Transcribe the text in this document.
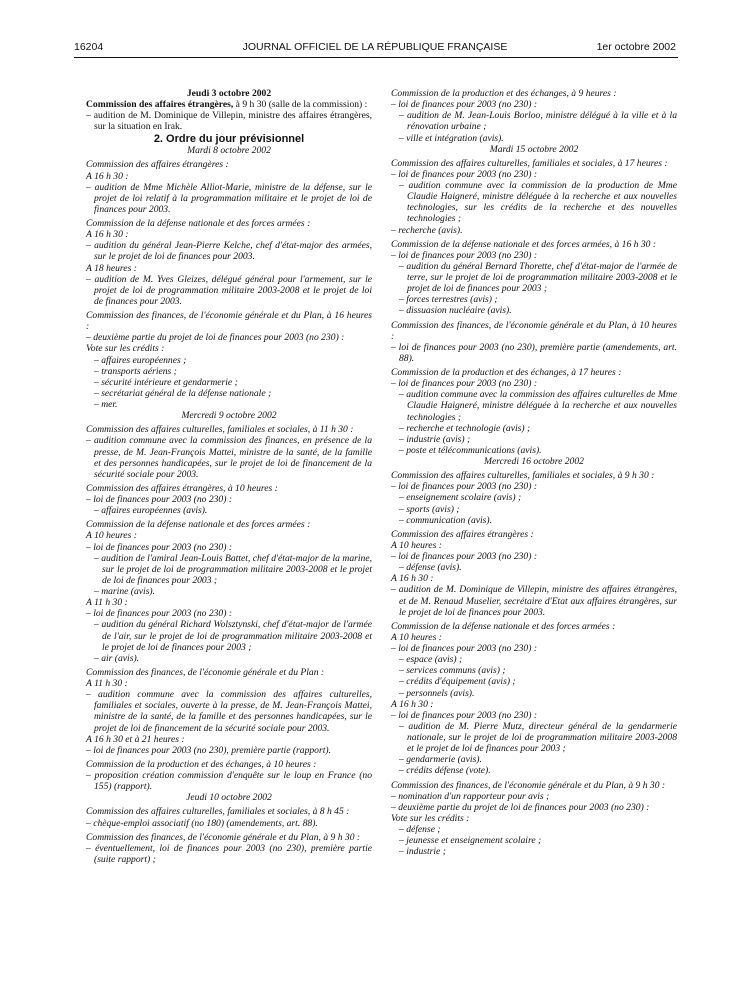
16204	JOURNAL OFFICIEL DE LA RÉPUBLIQUE FRANÇAISE	1er octobre 2002

Jeudi 3 octobre 2002

Commission des affaires étrangères, à 9 h 30 (salle de la commission) :

– audition de M. Dominique de Villepin, ministre des affaires étrangères, sur la situation en Irak.

2. Ordre du jour prévisionnel

Mardi 8 octobre 2002

Commission des affaires étrangères :

A 16 h 30 :

– audition de Mme Michèle Alliot-Marie, ministre de la défense, sur le projet de loi relatif à la programmation militaire et le projet de loi de finances pour 2003.

Commission de la défense nationale et des forces armées :

A 16 h 30 :

– audition du général Jean-Pierre Kelche, chef d'état-major des armées, sur le projet de loi de finances pour 2003.

A 18 heures :

– audition de M. Yves Gleizes, délégué général pour l'armement, sur le projet de loi de programmation militaire 2003-2008 et le projet de loi de finances pour 2003.

Commission des finances, de l'économie générale et du Plan, à 16 heures :

– deuxième partie du projet de loi de finances pour 2003 (no 230) :

Vote sur les crédits :

– affaires européennes ;

– transports aériens ;

– sécurité intérieure et gendarmerie ;

– secrétariat général de la défense nationale ;

– mer.

Mercredi 9 octobre 2002

Commission des affaires culturelles, familiales et sociales, à 11 h 30 :

– audition commune avec la commission des finances, en présence de la presse, de M. Jean-François Mattei, ministre de la santé, de la famille et des personnes handicapées, sur le projet de loi de financement de la sécurité sociale pour 2003.

Commission des affaires étrangères, à 10 heures :

– loi de finances pour 2003 (no 230) :

– affaires européennes (avis).

Commission de la défense nationale et des forces armées :

A 10 heures :

– loi de finances pour 2003 (no 230) :

– audition de l'amiral Jean-Louis Battet, chef d'état-major de la marine, sur le projet de loi de programmation militaire 2003-2008 et le projet de loi de finances pour 2003 ;

– marine (avis).

A 11 h 30 :

– loi de finances pour 2003 (no 230) :

– audition du général Richard Wolsztynski, chef d'état-major de l'armée de l'air, sur le projet de loi de programmation militaire 2003-2008 et le projet de loi de finances pour 2003 ;

– air (avis).

Commission des finances, de l'économie générale et du Plan :

A 11 h 30 :

– audition commune avec la commission des affaires culturelles, familiales et sociales, ouverte à la presse, de M. Jean-François Mattei, ministre de la santé, de la famille et des personnes handicapées, sur le projet de loi de financement de la sécurité sociale pour 2003.

A 16 h 30 et à 21 heures :

– loi de finances pour 2003 (no 230), première partie (rapport).

Commission de la production et des échanges, à 10 heures :

– proposition création commission d'enquête sur le loup en France (no 155) (rapport).

Jeudi 10 octobre 2002

Commission des affaires culturelles, familiales et sociales, à 8 h 45 :

– chèque-emploi associatif (no 180) (amendements, art. 88).

Commission des finances, de l'économie générale et du Plan, à 9 h 30 :

– éventuellement, loi de finances pour 2003 (no 230), première partie (suite rapport) ;

Commission de la production et des échanges, à 9 heures :

– loi de finances pour 2003 (no 230) :

– audition de M. Jean-Louis Borloo, ministre délégué à la ville et à la rénovation urbaine ;

– ville et intégration (avis).

Mardi 15 octobre 2002

Commission des affaires culturelles, familiales et sociales, à 17 heures :

– loi de finances pour 2003 (no 230) :

– audition commune avec la commission de la production de Mme Claudie Haigneré, ministre déléguée à la recherche et aux nouvelles technologies, sur les crédits de la recherche et des nouvelles technologies ;

– recherche (avis).

Commission de la défense nationale et des forces armées, à 16 h 30 :

– loi de finances pour 2003 (no 230) :

– audition du général Bernard Thorette, chef d'état-major de l'armée de terre, sur le projet de loi de programmation militaire 2003-2008 et le projet de loi de finances pour 2003 ;

– forces terrestres (avis) ;

– dissuasion nucléaire (avis).

Commission des finances, de l'économie générale et du Plan, à 10 heures :

– loi de finances pour 2003 (no 230), première partie (amendements, art. 88).

Commission de la production et des échanges, à 17 heures :

– loi de finances pour 2003 (no 230) :

– audition commune avec la commission des affaires culturelles de Mme Claudie Haigneré, ministre déléguée à la recherche et aux nouvelles technologies ;

– recherche et technologie (avis) ;

– industrie (avis) ;

– poste et télécommunications (avis).

Mercredi 16 octobre 2002

Commission des affaires culturelles, familiales et sociales, à 9 h 30 :

– loi de finances pour 2003 (no 230) :

– enseignement scolaire (avis) ;

– sports (avis) ;

– communication (avis).

Commission des affaires étrangères :

A 10 heures :

– loi de finances pour 2003 (no 230) :

– défense (avis).

A 16 h 30 :

– audition de M. Dominique de Villepin, ministre des affaires étrangères, et de M. Renaud Muselier, secrétaire d'Etat aux affaires étrangères, sur le projet de loi de finances pour 2003.

Commission de la défense nationale et des forces armées :

A 10 heures :

– loi de finances pour 2003 (no 230) :

– espace (avis) ;

– services communs (avis) ;

– crédits d'équipement (avis) ;

– personnels (avis).

A 16 h 30 :

– loi de finances pour 2003 (no 230) :

– audition de M. Pierre Mutz, directeur général de la gendarmerie nationale, sur le projet de loi de programmation militaire 2003-2008 et le projet de loi de finances pour 2003 ;

– gendarmerie (avis).

– crédits défense (vote).

Commission des finances, de l'économie générale et du Plan, à 9 h 30 :

– nomination d'un rapporteur pour avis ;

– deuxième partie du projet de loi de finances pour 2003 (no 230) :

Vote sur les crédits :

– défense ;

– jeunesse et enseignement scolaire ;

– industrie ;
